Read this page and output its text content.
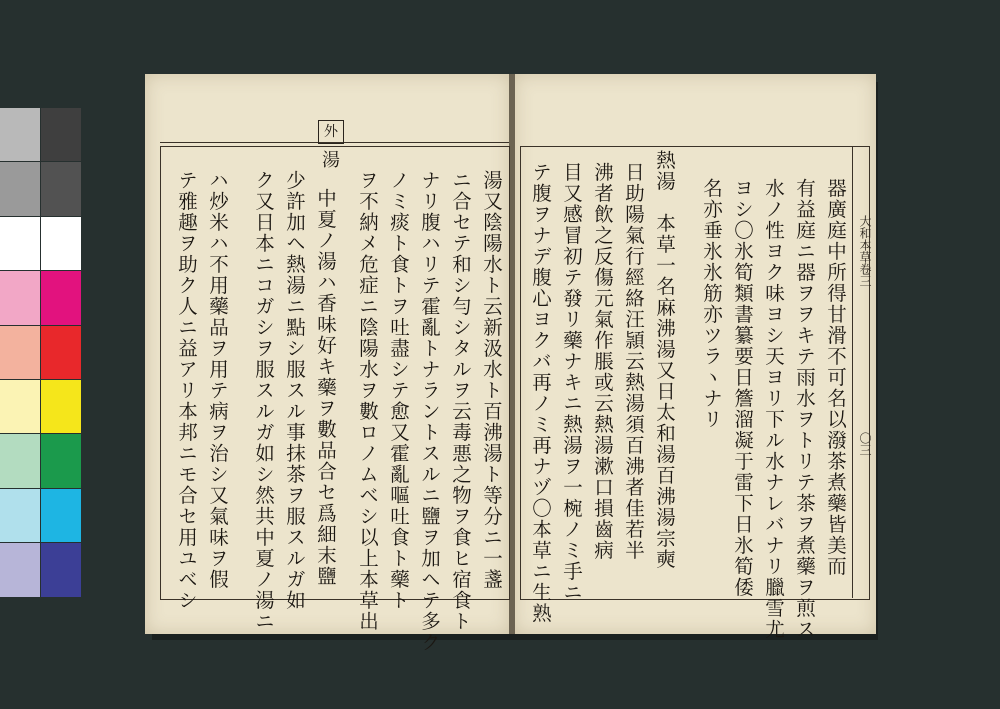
外
湯
湯又陰陽水ト云新汲水ト百沸湯ト等分ニ一盞
ニ合セテ和シ勻シタルヲ云毒悪之物ヲ食ヒ宿食ト
ナリ腹ハリテ霍亂トナラントスルニ鹽ヲ加ヘテ多ク
ノミ痰ト食トヲ吐盡シテ愈又霍亂嘔吐食ト藥ト
ヲ不納メ危症ニ陰陽水ヲ數ロノムベシ以上本草出
中夏ノ湯ハ香味好キ藥ヲ數品合セ爲細末鹽
少許加ヘ熱湯ニ點シ服スル事抹茶ヲ服スルガ如
ク又日本ニコガシヲ服スルガ如シ然共中夏ノ湯ニ
ハ炒米ハ不用藥品ヲ用テ病ヲ治シ又氣味ヲ假
テ雅趣ヲ助ク人ニ益アリ本邦ニモ合セ用ユベシ	大和本草卷三
〇三
器廣庭中所得甘滑不可名以潑茶煮藥皆美而
有益庭ニ器ヲヲキテ雨水ヲトリテ茶ヲ煮藥ヲ煎ス
水ノ性ヨク味ヨシ天ヨリ下ル水ナレバナリ臘雪尤
ヨシ〇氷筍類書纂要日簷溜凝于雷下日氷筍倭
名亦垂氷氷筋亦ツラヽナリ
熱湯　本草一名麻沸湯又日太和湯百沸湯宗奭
日助陽氣行經絡汪頴云熱湯須百沸者佳若半
沸者飲之反傷元氣作脹或云熱湯漱口損齒病
目又感冒初テ發リ藥ナキニ熱湯ヲ一椀ノミ手ニ
テ腹ヲナデ腹心ヨクバ再ノミ再ナヅ〇本草ニ生熟
